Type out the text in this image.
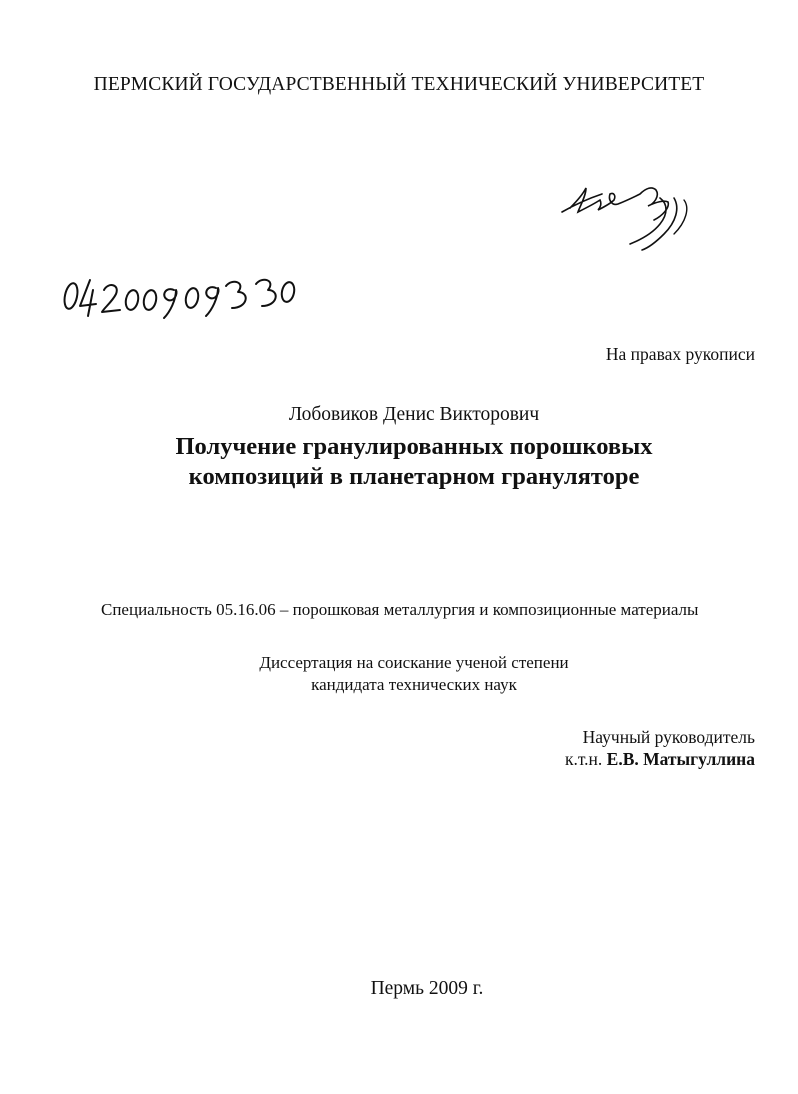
ПЕРМСКИЙ ГОСУДАРСТВЕННЫЙ ТЕХНИЧЕСКИЙ УНИВЕРСИТЕТ
На правах рукописи
Лобовиков Денис Викторович
Получение гранулированных порошковых
композиций в планетарном грануляторе
Специальность 05.16.06 – порошковая металлургия и композиционные материалы
Диссертация на соискание ученой степени
кандидата технических наук
Научный руководитель
к.т.н. Е.В. Матыгуллина
Пермь 2009 г.
